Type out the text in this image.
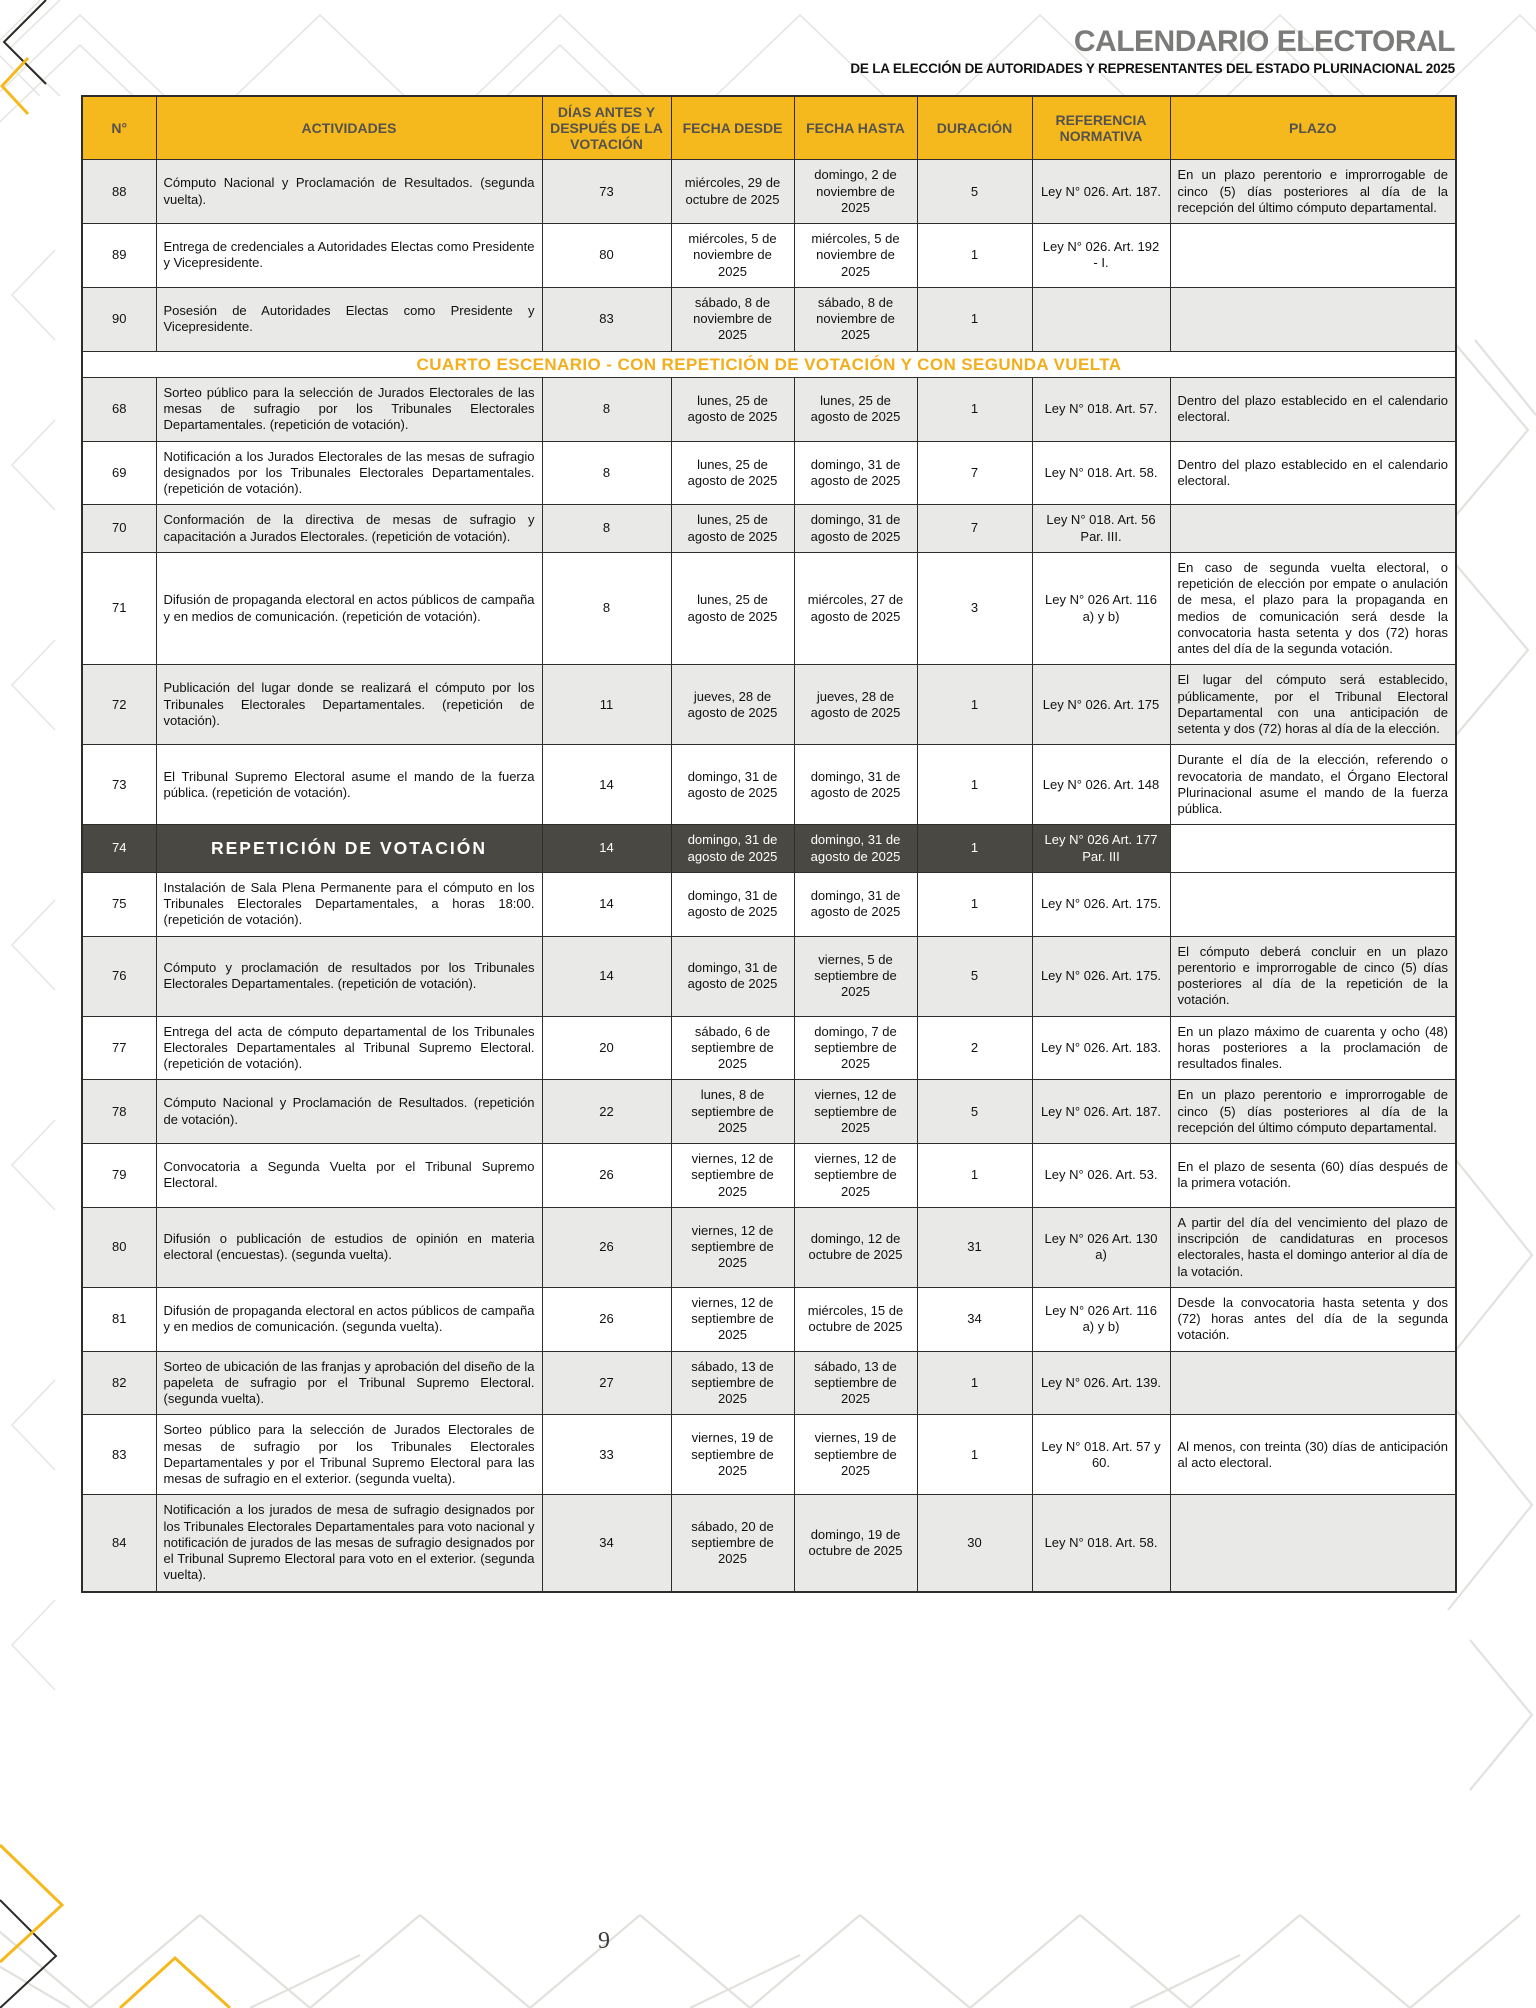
CALENDARIO ELECTORAL
DE LA ELECCIÓN DE AUTORIDADES Y REPRESENTANTES DEL ESTADO PLURINACIONAL 2025
N°	ACTIVIDADES	DÍAS ANTES Y DESPUÉS DE LA VOTACIÓN	FECHA DESDE	FECHA HASTA	DURACIÓN	REFERENCIA NORMATIVA	PLAZO
88	Cómputo Nacional y Proclamación de Resultados. (segunda vuelta).	73	miércoles, 29 de octubre de 2025	domingo, 2 de noviembre de 2025	5	Ley N° 026. Art. 187.	En un plazo perentorio e improrrogable de cinco (5) días posteriores al día de la recepción del último cómputo departamental.
89	Entrega de credenciales a Autoridades Electas como Presidente y Vicepresidente.	80	miércoles, 5 de noviembre de 2025	miércoles, 5 de noviembre de 2025	1	Ley N° 026. Art. 192 - I.	
90	Posesión de Autoridades Electas como Presidente y Vicepresidente.	83	sábado, 8 de noviembre de 2025	sábado, 8 de noviembre de 2025	1		
CUARTO ESCENARIO - CON REPETICIÓN DE VOTACIÓN Y CON SEGUNDA VUELTA							
68	Sorteo público para la selección de Jurados Electorales de las mesas de sufragio por los Tribunales Electorales Departamentales. (repetición de votación).	8	lunes, 25 de agosto de 2025	lunes, 25 de agosto de 2025	1	Ley N° 018. Art. 57.	Dentro del plazo establecido en el calendario electoral.
69	Notificación a los Jurados Electorales de las mesas de sufragio designados por los Tribunales Electorales Departamentales. (repetición de votación).	8	lunes, 25 de agosto de 2025	domingo, 31 de agosto de 2025	7	Ley N° 018. Art. 58.	Dentro del plazo establecido en el calendario electoral.
70	Conformación de la directiva de mesas de sufragio y capacitación a Jurados Electorales. (repetición de votación).	8	lunes, 25 de agosto de 2025	domingo, 31 de agosto de 2025	7	Ley N° 018. Art. 56 Par. III.	
71	Difusión de propaganda electoral en actos públicos de campaña y en medios de comunicación. (repetición de votación).	8	lunes, 25 de agosto de 2025	miércoles, 27 de agosto de 2025	3	Ley N° 026 Art. 116 a) y b)	En caso de segunda vuelta electoral, o repetición de elección por empate o anulación de mesa, el plazo para la propaganda en medios de comunicación será desde la convocatoria hasta setenta y dos (72) horas antes del día de la segunda votación.
72	Publicación del lugar donde se realizará el cómputo por los Tribunales Electorales Departamentales. (repetición de votación).	11	jueves, 28 de agosto de 2025	jueves, 28 de agosto de 2025	1	Ley N° 026. Art. 175	El lugar del cómputo será establecido, públicamente, por el Tribunal Electoral Departamental con una anticipación de setenta y dos (72) horas al día de la elección.
73	El Tribunal Supremo Electoral asume el mando de la fuerza pública. (repetición de votación).	14	domingo, 31 de agosto de 2025	domingo, 31 de agosto de 2025	1	Ley N° 026. Art. 148	Durante el día de la elección, referendo o revocatoria de mandato, el Órgano Electoral Plurinacional asume el mando de la fuerza pública.
74	REPETICIÓN DE VOTACIÓN	14	domingo, 31 de agosto de 2025	domingo, 31 de agosto de 2025	1	Ley N° 026 Art. 177 Par. III	
75	Instalación de Sala Plena Permanente para el cómputo en los Tribunales Electorales Departamentales, a horas 18:00. (repetición de votación).	14	domingo, 31 de agosto de 2025	domingo, 31 de agosto de 2025	1	Ley N° 026. Art. 175.	
76	Cómputo y proclamación de resultados por los Tribunales Electorales Departamentales. (repetición de votación).	14	domingo, 31 de agosto de 2025	viernes, 5 de septiembre de 2025	5	Ley N° 026. Art. 175.	El cómputo deberá concluir en un plazo perentorio e improrrogable de cinco (5) días posteriores al día de la repetición de la votación.
77	Entrega del acta de cómputo departamental de los Tribunales Electorales Departamentales al Tribunal Supremo Electoral. (repetición de votación).	20	sábado, 6 de septiembre de 2025	domingo, 7 de septiembre de 2025	2	Ley N° 026. Art. 183.	En un plazo máximo de cuarenta y ocho (48) horas posteriores a la proclamación de resultados finales.
78	Cómputo Nacional y Proclamación de Resultados. (repetición de votación).	22	lunes, 8 de septiembre de 2025	viernes, 12 de septiembre de 2025	5	Ley N° 026. Art. 187.	En un plazo perentorio e improrrogable de cinco (5) días posteriores al día de la recepción del último cómputo departamental.
79	Convocatoria a Segunda Vuelta por el Tribunal Supremo Electoral.	26	viernes, 12 de septiembre de 2025	viernes, 12 de septiembre de 2025	1	Ley N° 026. Art. 53.	En el plazo de sesenta (60) días después de la primera votación.
80	Difusión o publicación de estudios de opinión en materia electoral (encuestas). (segunda vuelta).	26	viernes, 12 de septiembre de 2025	domingo, 12 de octubre de 2025	31	Ley N° 026 Art. 130 a)	A partir del día del vencimiento del plazo de inscripción de candidaturas en procesos electorales, hasta el domingo anterior al día de la votación.
81	Difusión de propaganda electoral en actos públicos de campaña y en medios de comunicación. (segunda vuelta).	26	viernes, 12 de septiembre de 2025	miércoles, 15 de octubre de 2025	34	Ley N° 026 Art. 116 a) y b)	Desde la convocatoria hasta setenta y dos (72) horas antes del día de la segunda votación.
82	Sorteo de ubicación de las franjas y aprobación del diseño de la papeleta de sufragio por el Tribunal Supremo Electoral. (segunda vuelta).	27	sábado, 13 de septiembre de 2025	sábado, 13 de septiembre de 2025	1	Ley N° 026. Art. 139.	
83	Sorteo público para la selección de Jurados Electorales de mesas de sufragio por los Tribunales Electorales Departamentales y por el Tribunal Supremo Electoral para las mesas de sufragio en el exterior. (segunda vuelta).	33	viernes, 19 de septiembre de 2025	viernes, 19 de septiembre de 2025	1	Ley N° 018. Art. 57 y 60.	Al menos, con treinta (30) días de anticipación al acto electoral.
84	Notificación a los jurados de mesa de sufragio designados por los Tribunales Electorales Departamentales para voto nacional y notificación de jurados de las mesas de sufragio designados por el Tribunal Supremo Electoral para voto en el exterior. (segunda vuelta).	34	sábado, 20 de septiembre de 2025	domingo, 19 de octubre de 2025	30	Ley N° 018. Art. 58.	
9
